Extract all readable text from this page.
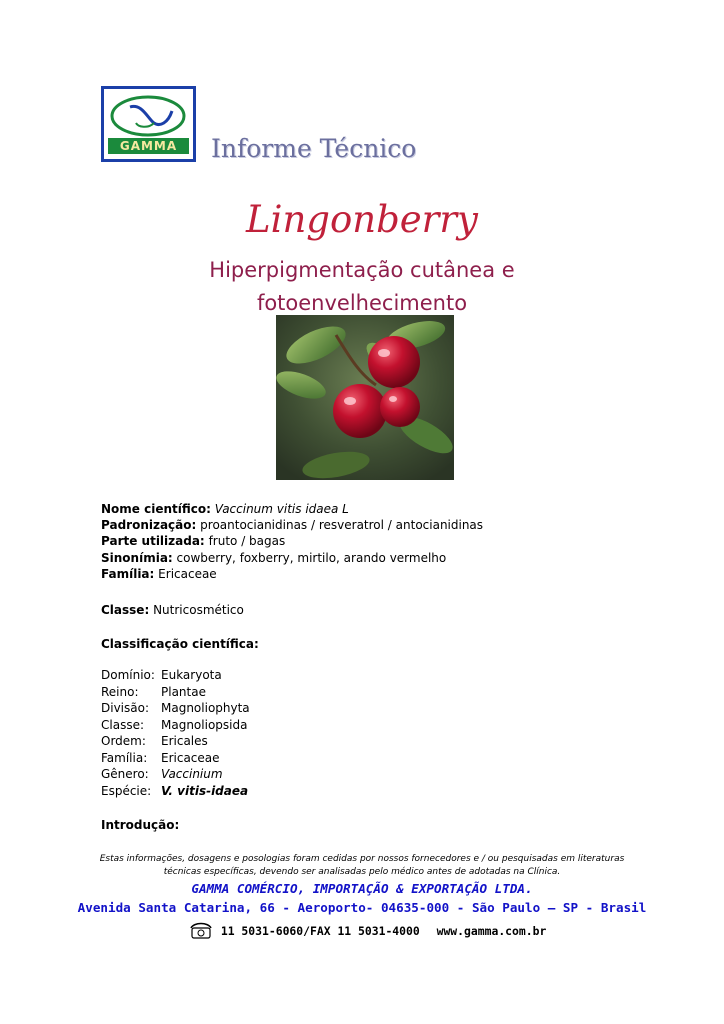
GAMMA	Informe Técnico
Lingonberry
Hiperpigmentação cutânea e fotoenvelhecimento
Nome científico: Vaccinum vitis idaea L
Padronização: proantocianidinas / resveratrol / antocianidinas
Parte utilizada: fruto / bagas
Sinonímia: cowberry, foxberry, mirtilo, arando vermelho
Família: Ericaceae
Classe: Nutricosmético
Classificação científica:
Domínio: Eukaryota
Reino: Plantae
Divisão: Magnoliophyta
Classe: Magnoliopsida
Ordem: Ericales
Família: Ericaceae
Gênero: Vaccinium
Espécie: V. vitis-idaea
Introdução:
Estas informações, dosagens e posologias foram cedidas por nossos fornecedores e / ou pesquisadas em literaturas
técnicas específicas, devendo ser analisadas pelo médico antes de adotadas na Clínica.
GAMMA COMÉRCIO, IMPORTAÇÃO & EXPORTAÇÃO LTDA.
Avenida Santa Catarina, 66 - Aeroporto- 04635-000 - São Paulo – SP - Brasil
11 5031-6060/FAX 11 5031-4000 www.gamma.com.br
